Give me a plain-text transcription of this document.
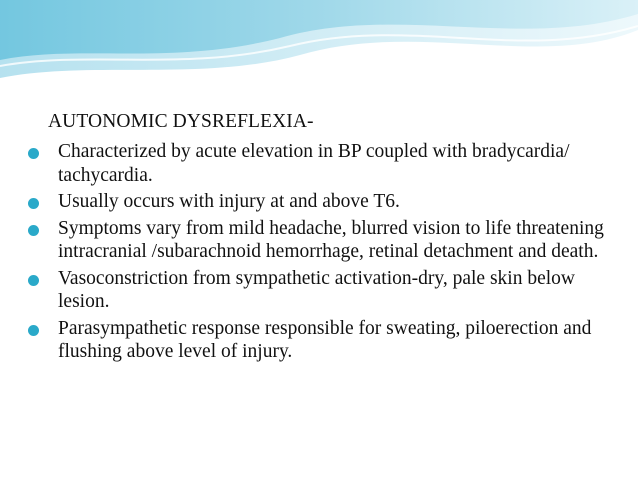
AUTONOMIC DYSREFLEXIA-
Characterized by acute elevation in BP coupled with bradycardia/ tachycardia.
Usually occurs with injury at and above T6.
Symptoms vary from mild headache, blurred vision to life threatening intracranial /subarachnoid hemorrhage, retinal detachment and death.
Vasoconstriction from sympathetic activation-dry, pale skin below lesion.
Parasympathetic response responsible for sweating, piloerection and flushing above level of injury.
